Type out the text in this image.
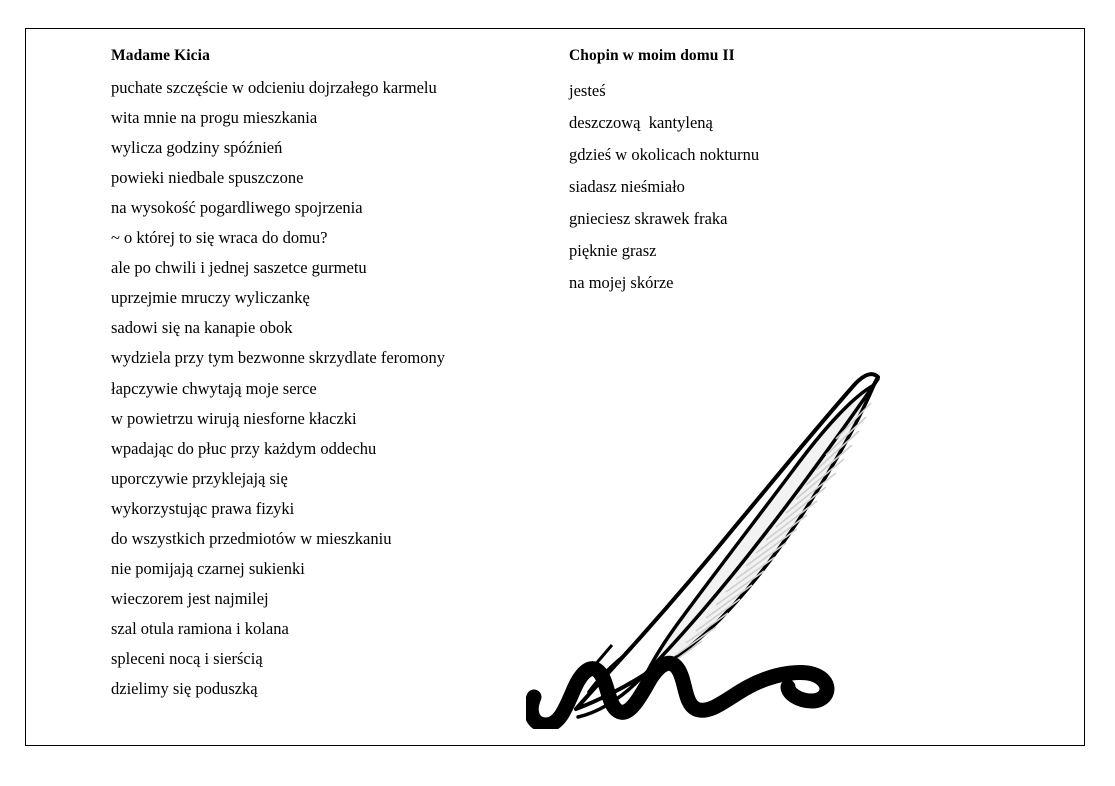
Madame Kicia
puchate szczęście w odcieniu dojrzałego karmelu
wita mnie na progu mieszkania
wylicza godziny spóźnień
powieki niedbale spuszczone
na wysokość pogardliwego spojrzenia
~ o której to się wraca do domu?
ale po chwili i jednej saszetce gurmetu
uprzejmie mruczy wyliczankę
sadowi się na kanapie obok
wydziela przy tym bezwonne skrzydlate feromony
łapczywie chwytają moje serce
w powietrzu wirują niesforne kłaczki
wpadając do płuc przy każdym oddechu
uporczywie przyklejają się
wykorzystując prawa fizyki
do wszystkich przedmiotów w mieszkaniu
nie pomijają czarnej sukienki
wieczorem jest najmilej
szal otula ramiona i kolana
spleceni nocą i sierścią
dzielimy się poduszką
Chopin w moim domu II
jesteś
deszczową  kantyleną
gdzieś w okolicach nokturnu
siadasz nieśmiało
gnieciesz skrawek fraka
pięknie grasz
na mojej skórze
